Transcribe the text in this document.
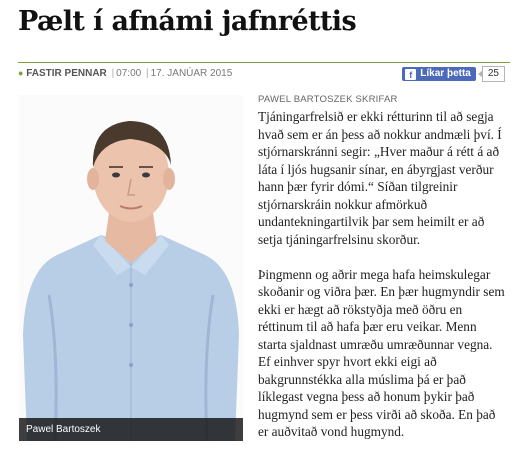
Pælt í afnámi jafnréttis
● FASTIR PENNAR | 07:00 | 17. JANÚAR 2015	f Líkar þetta	25
Pawel Bartoszek
PAWEL BARTOSZEK SKRIFAR

Tjáningarfrelsið er ekki rétturinn til að segja hvað sem er án þess að nokkur andmæli því. Í stjórnarskránni segir: „Hver maður á rétt á að láta í ljós hugsanir sínar, en ábyrgjast verður hann þær fyrir dómi.“ Síðan tilgreinir stjórnarskráin nokkur afmörkuð undantekningartilvik þar sem heimilt er að setja tjáningarfrelsinu skorður.

Þingmenn og aðrir mega hafa heimskulegar skoðanir og viðra þær. En þær hugmyndir sem ekki er hægt að rökstyðja með öðru en réttinum til að hafa þær eru veikar. Menn starta sjaldnast umræðu umræðunnar vegna. Ef einhver spyr hvort ekki eigi að bakgrunnstékka alla múslima þá er það líklegast vegna þess að honum þykir það hugmynd sem er þess virði að skoða. En það er auðvitað vond hugmynd.
